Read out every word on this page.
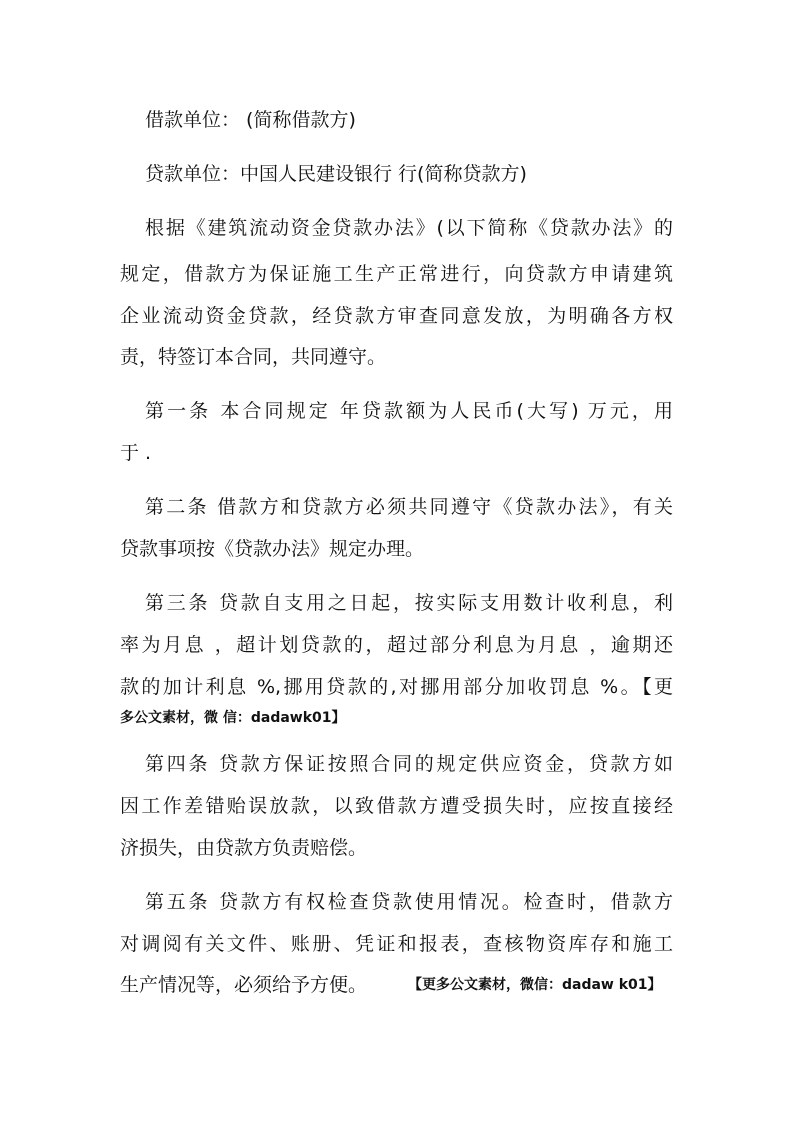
借款单位： (简称借款方)
贷款单位：中国人民建设银行 行(简称贷款方)
根据《建筑流动资金贷款办法》(以下简称《贷款办法》的
规定，借款方为保证施工生产正常进行，向贷款方申请建筑
企业流动资金贷款，经贷款方审查同意发放，为明确各方权
责，特签订本合同，共同遵守。
第一条 本合同规定 年贷款额为人民币(大写) 万元，用
于 .
第二条 借款方和贷款方必须共同遵守《贷款办法》，有关
贷款事项按《贷款办法》规定办理。
第三条 贷款自支用之日起，按实际支用数计收利息，利
率为月息 ，超计划贷款的，超过部分利息为月息 ，逾期还
款的加计利息 %,挪用贷款的,对挪用部分加收罚息 %。【更
多公文素材，微 信：dadawk01】
第四条 贷款方保证按照合同的规定供应资金，贷款方如
因工作差错贻误放款，以致借款方遭受损失时，应按直接经
济损失，由贷款方负责赔偿。
第五条 贷款方有权检查贷款使用情况。检查时，借款方
对调阅有关文件、账册、凭证和报表，查核物资库存和施工
生产情况等，必须给予方便。	【更多公文素材，微信：dadaw k01】
